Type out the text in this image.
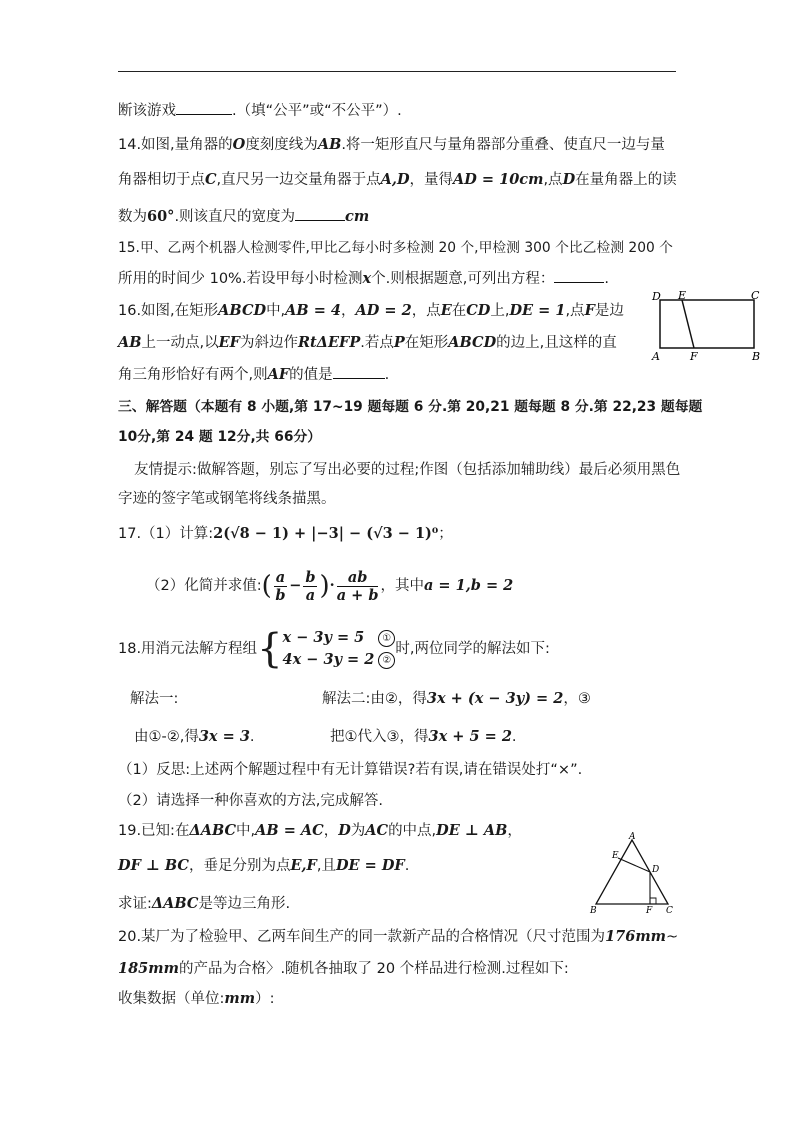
断该游戏	.（填“公平”或“不公平”）.
14.如图,量角器的O度刻度线为AB.将一矩形直尺与量角器部分重叠、使直尺一边与量
角器相切于点C,直尺另一边交量角器于点A,D，量得AD = 10cm,点D在量角器上的读
数为60°.则该直尺的宽度为	cm
15.甲、乙两个机器人检测零件,甲比乙每小时多检测 20 个,甲检测 300 个比乙检测 200 个
所用的时间少 10%.若设甲每小时检测x个.则根据题意,可列出方程：	.
16.如图,在矩形ABCD中,AB = 4，AD = 2，点E在CD上,DE = 1,点F是边
AB上一动点,以EF为斜边作RtΔEFP.若点P在矩形ABCD的边上,且这样的直
角三角形恰好有两个,则AF的值是	.
D E	C
A	F	B
三、解答题（本题有 8 小题,第 17~19 题每题 6 分.第 20,21 题每题 8 分.第 22,23 题每题
10分,第 24 题 12分,共 66分）
友情提示:做解答题，别忘了写出必要的过程;作图（包括添加辅助线）最后必须用黑色
字迹的签字笔或钢笔将线条描黑。
17.（1）计算:2(√8 − 1) + |−3| − (√3 − 1)⁰；
（2）化简并求值:( $\frac{a}{b} - \frac{b}{a}$ )· $\frac{ab}{a + b}$ ，其中a = 1,b = 2
18.用消元法解方程组{ x − 3y = 5 ①
4x − 3y = 2 ②
时,两位同学的解法如下:
解法一:	解法二:由②，得3x + (x − 3y) = 2，③
由①-②,得3x = 3.	把①代入③，得3x + 5 = 2.
（1）反思:上述两个解题过程中有无计算错误?若有误,请在错误处打“×”.
（2）请选择一种你喜欢的方法,完成解答.
19.已知:在ΔABC中,AB = AC，D为AC的中点,DE ⊥ AB，
DF ⊥ BC，垂足分别为点E,F,且DE = DF.
求证:ΔABC是等边三角形.
A
E
D
B	F C
20.某厂为了检验甲、乙两车间生产的同一款新产品的合格情况（尺寸范围为176mm~
185mm的产品为合格〉.随机各抽取了 20 个样品进行检测.过程如下:
收集数据（单位:mm）:
